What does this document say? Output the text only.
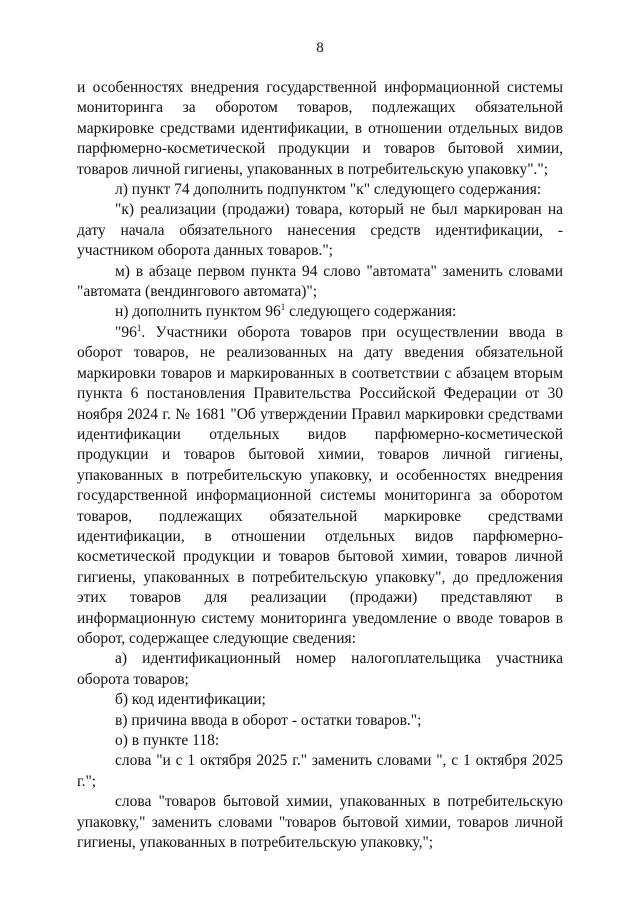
8

и особенностях внедрения государственной информационной системы мониторинга за оборотом товаров, подлежащих обязательной маркировке средствами идентификации, в отношении отдельных видов парфюмерно-косметической продукции и товаров бытовой химии, товаров личной гигиены, упакованных в потребительскую упаковку".";

л) пункт 74 дополнить подпунктом "к" следующего содержания:

"к) реализации (продажи) товара, который не был маркирован на дату начала обязательного нанесения средств идентификации, - участником оборота данных товаров.";

м) в абзаце первом пункта 94 слово "автомата" заменить словами "автомата (вендингового автомата)";

н) дополнить пунктом $96^1$ следующего содержания:

"$96^1$. Участники оборота товаров при осуществлении ввода в оборот товаров, не реализованных на дату введения обязательной маркировки товаров и маркированных в соответствии с абзацем вторым пункта 6 постановления Правительства Российской Федерации от 30 ноября 2024 г. № 1681 "Об утверждении Правил маркировки средствами идентификации отдельных видов парфюмерно-косметической продукции и товаров бытовой химии, товаров личной гигиены, упакованных в потребительскую упаковку, и особенностях внедрения государственной информационной системы мониторинга за оборотом товаров, подлежащих обязательной маркировке средствами идентификации, в отношении отдельных видов парфюмерно-косметической продукции и товаров бытовой химии, товаров личной гигиены, упакованных в потребительскую упаковку", до предложения этих товаров для реализации (продажи) представляют в информационную систему мониторинга уведомление о вводе товаров в оборот, содержащее следующие сведения:

а) идентификационный номер налогоплательщика участника оборота товаров;

б) код идентификации;

в) причина ввода в оборот - остатки товаров.";

о) в пункте 118:

слова "и с 1 октября 2025 г." заменить словами ", с 1 октября 2025 г.";

слова "товаров бытовой химии, упакованных в потребительскую упаковку," заменить словами "товаров бытовой химии, товаров личной гигиены, упакованных в потребительскую упаковку,";
